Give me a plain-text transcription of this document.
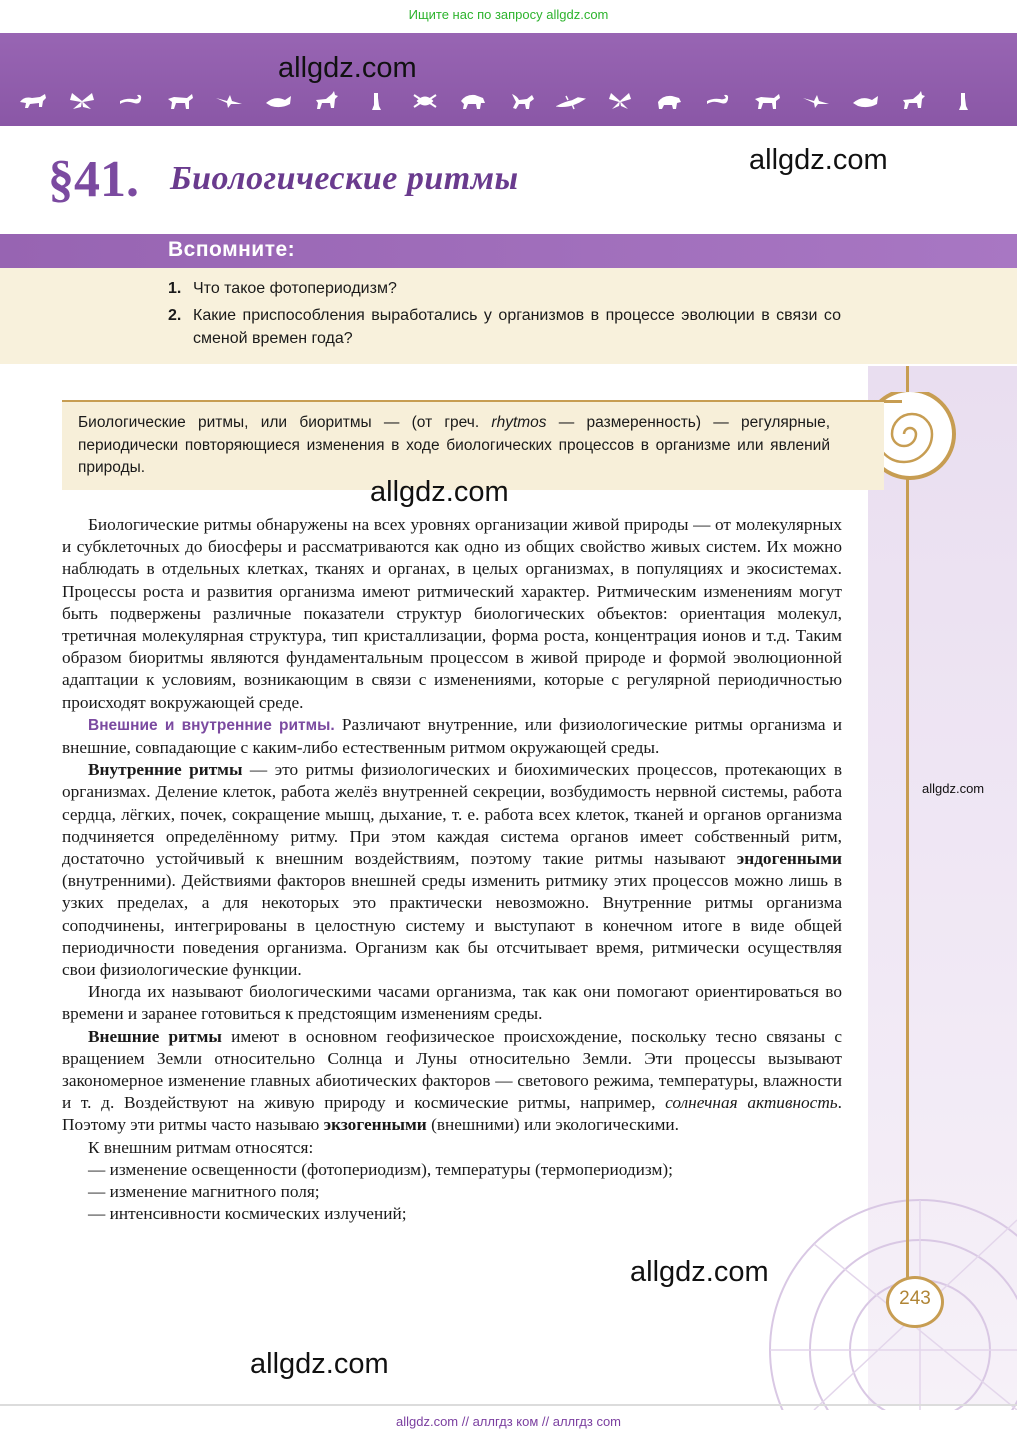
Ищите нас по запросу allgdz.com
allgdz.com
§41. Биологические ритмы	allgdz.com
Вспомните:
1. Что такое фотопериодизм?
2. Какие приспособления выработались у организмов в процессе эволюции в связи со сменой времен года?
Биологические ритмы, или биоритмы — (от греч. rhytmos — размеренность) — регулярные, периодически повторяющиеся изменения в ходе биологических процессов в организме или явлений природы.
allgdz.com

Биологические ритмы обнаружены на всех уровнях организации живой природы — от молекулярных и субклеточных до биосферы и рассматриваются как одно из общих свойство живых систем. Их можно наблюдать в отдельных клетках, тканях и органах, в целых организмах, в популяциях и экосистемах. Процессы роста и развития организма имеют ритмический характер. Ритмическим изменениям могут быть подвержены различные показатели структур биологических объектов: ориентация молекул, третичная молекулярная структура, тип кристаллизации, форма роста, концентрация ионов и т.д. Таким образом биоритмы являются фундаментальным процессом в живой природе и формой эволюционной адаптации к условиям, возникающим в связи с изменениями, которые с регулярной периодичностью происходят вокружающей среде.

Внешние и внутренние ритмы. Различают внутренние, или физиологические ритмы организма и внешние, совпадающие с каким-либо естественным ритмом окружающей среды.

Внутренние ритмы — это ритмы физиологических и биохимических процессов, протекающих в организмах. Деление клеток, работа желёз внутренней секреции, возбудимость нервной системы, работа сердца, лёгких, почек, сокращение мышц, дыхание, т. е. работа всех клеток, тканей и органов организма подчиняется определённому ритму. При этом каждая система органов имеет собственный ритм, достаточно устойчивый к внешним воздействиям, поэтому такие ритмы называют эндогенными (внутренними). Действиями факторов внешней среды изменить ритмику этих процессов можно лишь в узких пределах, а для некоторых это практически невозможно. Внутренние ритмы организма соподчинены, интегрированы в целостную систему и выступают в конечном итоге в виде общей периодичности поведения организма. Организм как бы отсчитывает время, ритмически осуществляя свои физиологические функции.

Иногда их называют биологическими часами организма, так как они помогают ориентироваться во времени и заранее готовиться к предстоящим изменениям среды.

Внешние ритмы имеют в основном геофизическое происхождение, поскольку тесно связаны с вращением Земли относительно Солнца и Луны относительно Земли. Эти процессы вызывают закономерное изменение главных абиотических факторов — светового режима, температуры, влажности и т. д. Воздействуют на живую природу и космические ритмы, например, солнечная активность. Поэтому эти ритмы часто называю экзогенными (внешними) или экологическими.

К внешним ритмам относятся:

— изменение освещенности (фотопериодизм), температуры (термопериодизм);

— изменение магнитного поля;

— интенсивности космических излучений;

allgdz.com
allgdz.com
243
allgdz.com
allgdz.com // аллгдз ком // аллгдз com
